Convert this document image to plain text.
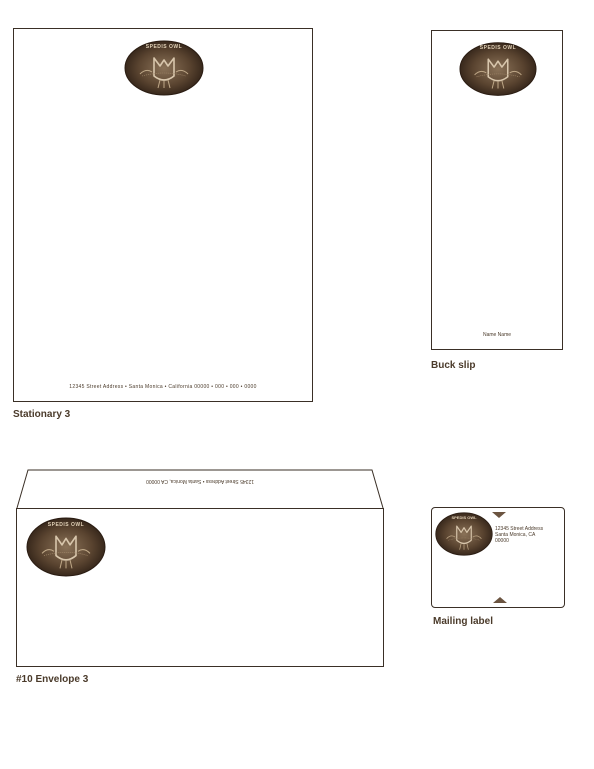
SPEDIS OWL
12345 Street Address • Santa Monica • California 00000 • 000 • 000 • 0000
Stationary 3
SPEDIS OWL
Name Name
Buck slip
12345 Street Address • Santa Monica, CA 00000
SPEDIS OWL
#10 Envelope 3
SPEDIS OWL
12345 Street Address
Santa Monica, CA
00000
Mailing label
